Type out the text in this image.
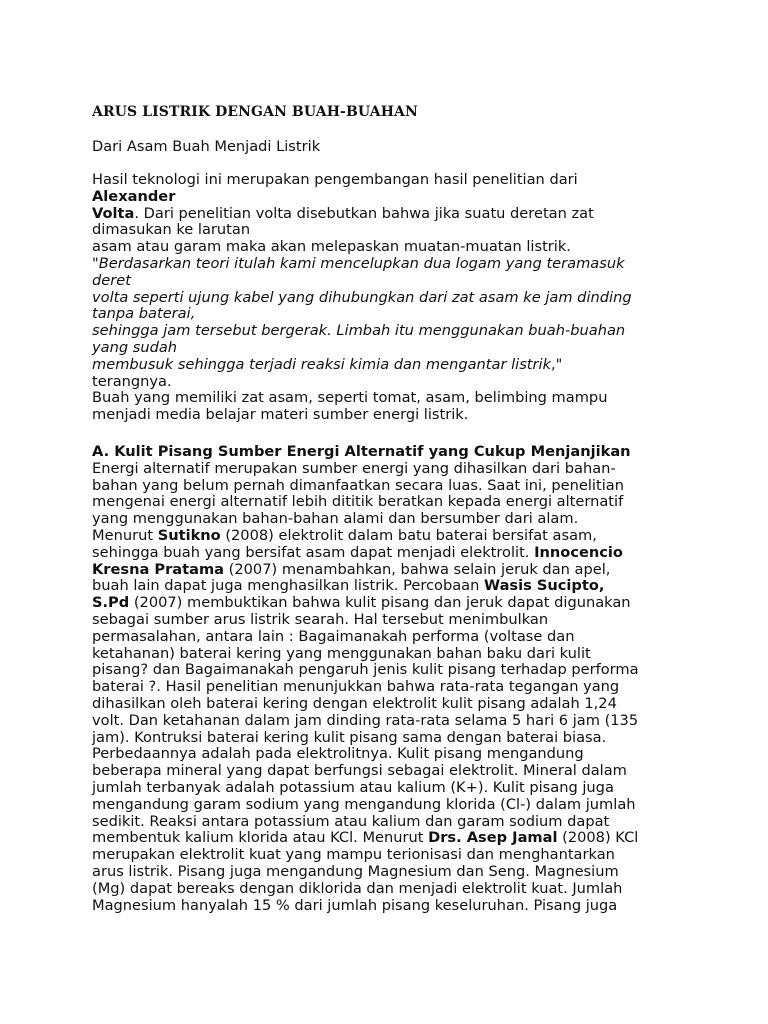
ARUS LISTRIK DENGAN BUAH-BUAHAN
Dari Asam Buah Menjadi Listrik
Hasil teknologi ini merupakan pengembangan hasil penelitian dari
Alexander
Volta. Dari penelitian volta disebutkan bahwa jika suatu deretan zat
dimasukan ke larutan
asam atau garam maka akan melepaskan muatan-muatan listrik.
"Berdasarkan teori itulah kami mencelupkan dua logam yang teramasuk
deret
volta seperti ujung kabel yang dihubungkan dari zat asam ke jam dinding
tanpa baterai,
sehingga jam tersebut bergerak. Limbah itu menggunakan buah-buahan
yang sudah
membusuk sehingga terjadi reaksi kimia dan mengantar listrik,"
terangnya.
Buah yang memiliki zat asam, seperti tomat, asam, belimbing mampu
menjadi media belajar materi sumber energi listrik.
A. Kulit Pisang Sumber Energi Alternatif yang Cukup Menjanjikan
Energi alternatif merupakan sumber energi yang dihasilkan dari bahan-
bahan yang belum pernah dimanfaatkan secara luas. Saat ini, penelitian
mengenai energi alternatif lebih dititik beratkan kepada energi alternatif
yang menggunakan bahan-bahan alami dan bersumber dari alam.
Menurut Sutikno (2008) elektrolit dalam batu baterai bersifat asam,
sehingga buah yang bersifat asam dapat menjadi elektrolit. Innocencio
Kresna Pratama (2007) menambahkan, bahwa selain jeruk dan apel,
buah lain dapat juga menghasilkan listrik. Percobaan Wasis Sucipto,
S.Pd (2007) membuktikan bahwa kulit pisang dan jeruk dapat digunakan
sebagai sumber arus listrik searah. Hal tersebut menimbulkan
permasalahan, antara lain : Bagaimanakah performa (voltase dan
ketahanan) baterai kering yang menggunakan bahan baku dari kulit
pisang? dan Bagaimanakah pengaruh jenis kulit pisang terhadap performa
baterai ?. Hasil penelitian menunjukkan bahwa rata-rata tegangan yang
dihasilkan oleh baterai kering dengan elektrolit kulit pisang adalah 1,24
volt. Dan ketahanan dalam jam dinding rata-rata selama 5 hari 6 jam (135
jam). Kontruksi baterai kering kulit pisang sama dengan baterai biasa.
Perbedaannya adalah pada elektrolitnya. Kulit pisang mengandung
beberapa mineral yang dapat berfungsi sebagai elektrolit. Mineral dalam
jumlah terbanyak adalah potassium atau kalium (K+). Kulit pisang juga
mengandung garam sodium yang mengandung klorida (Cl-) dalam jumlah
sedikit. Reaksi antara potassium atau kalium dan garam sodium dapat
membentuk kalium klorida atau KCl. Menurut Drs. Asep Jamal (2008) KCl
merupakan elektrolit kuat yang mampu terionisasi dan menghantarkan
arus listrik. Pisang juga mengandung Magnesium dan Seng. Magnesium
(Mg) dapat bereaks dengan diklorida dan menjadi elektrolit kuat. Jumlah
Magnesium hanyalah 15 % dari jumlah pisang keseluruhan. Pisang juga
